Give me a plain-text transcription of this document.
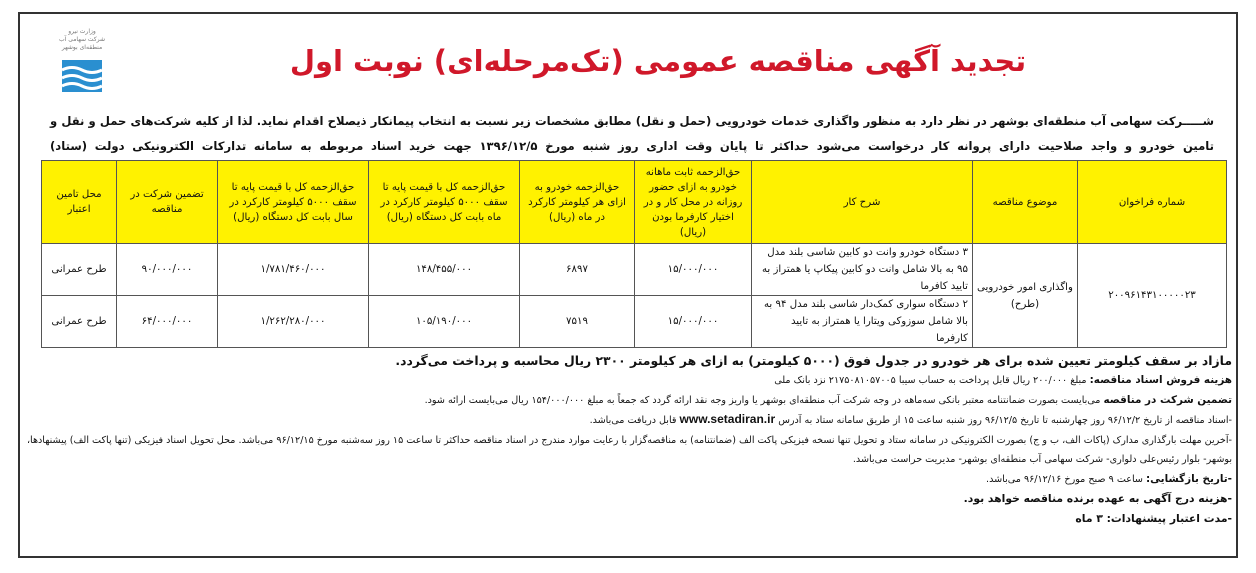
وزارت نیرو
شرکت سهامی آب منطقه‌ای بوشهر	تجدید آگهی مناقصه عمومی (تک‌مرحله‌ای) نوبت اول
شـــــرکت سهامی آب منطقه‌ای بوشهر در نظر دارد به منظور واگذاری خدمات خودرویی (حمل و نقل) مطابق مشخصات زیر نسبت به انتخاب پیمانکار ذیصلاح اقدام نماید. لذا از کلیه شرکت‌های حمل و نقل و تامین خودرو و واجد صلاحیت دارای پروانه کار درخواست می‌شود حداکثر تا پایان وقت اداری روز شنبه مورخ ۱۳۹۶/۱۲/۵ جهت خرید اسناد مربوطه به سامانه تدارکات الکترونیکی دولت (ستاد)
شماره فراخوان	موضوع مناقصه	شرح کار	حق‌الزحمه ثابت ماهانه خودرو به ازای حضور روزانه در محل کار و در اختیار کارفرما بودن (ریال)	حق‌الزحمه خودرو به ازای هر کیلومتر کارکرد در ماه (ریال)	حق‌الزحمه کل با قیمت پایه تا سقف ۵۰۰۰ کیلومتر کارکرد در ماه بابت کل دستگاه (ریال)	حق‌الزحمه کل با قیمت پایه تا سقف ۵۰۰۰ کیلومتر کارکرد در سال بابت کل دستگاه (ریال)	تضمین شرکت در مناقصه	محل تامین اعتبار
۲۰۰۹۶۱۴۳۱۰۰۰۰۰۲۳	واگذاری امور خودرویی (طرح)	۳ دستگاه خودرو وانت دو کابین شاسی بلند مدل ۹۵ به بالا شامل وانت دو کابین پیکاپ یا همتراز به تایید کافرما	۱۵/۰۰۰/۰۰۰	۶۸۹۷	۱۴۸/۴۵۵/۰۰۰	۱/۷۸۱/۴۶۰/۰۰۰	۹۰/۰۰۰/۰۰۰	طرح عمرانی
		۲ دستگاه سواری کمک‌دار شاسی بلند مدل ۹۴ به بالا شامل سوزوکی ویتارا یا همتراز به تایید کارفرما	۱۵/۰۰۰/۰۰۰	۷۵۱۹	۱۰۵/۱۹۰/۰۰۰	۱/۲۶۲/۲۸۰/۰۰۰	۶۴/۰۰۰/۰۰۰	طرح عمرانی
مازاد بر سقف کیلومتر تعیین شده برای هر خودرو در جدول فوق (۵۰۰۰ کیلومتر) به ازای هر کیلومتر ۲۳۰۰ ریال محاسبه و پرداخت می‌گردد.
هزینه فروش اسناد مناقصه: مبلغ ۲۰۰/۰۰۰ ریال قابل پرداخت به حساب سیبا ۲۱۷۵۰۸۱۰۵۷۰۰۵ نزد بانک ملی
تضمین شرکت در مناقصه می‌بایست بصورت ضمانتنامه معتبر بانکی سه‌ماهه در وجه شرکت آب منطقه‌ای بوشهر یا واریز وجه نقد ارائه گردد که جمعاً به مبلغ ۱۵۴/۰۰۰/۰۰۰ ریال می‌بایست ارائه شود.
-اسناد مناقصه از تاریخ ۹۶/۱۲/۲ روز چهارشنبه تا تاریخ ۹۶/۱۲/۵ روز شنبه ساعت ۱۵ از طریق سامانه ستاد به آدرس www.setadiran.ir قابل دریافت می‌باشد.
-آخرین مهلت بارگذاری مدارک (پاکات الف، ب و ج) بصورت الکترونیکی در سامانه ستاد و تحویل تنها نسخه فیزیکی پاکت الف (ضمانتنامه) به مناقصه‌گزار با رعایت موارد مندرج در اسناد مناقصه حداکثر تا ساعت ۱۵ روز سه‌شنبه مورخ ۹۶/۱۲/۱۵ می‌باشد. محل تحویل اسناد فیزیکی (تنها پاکت الف) پیشنهادها،
بوشهر- بلوار رئیس‌علی دلواری- شرکت سهامی آب منطقه‌ای بوشهر- مدیریت حراست می‌باشد.
-تاریخ بازگشایی: ساعت ۹ صبح مورخ ۹۶/۱۲/۱۶ می‌باشد.
-هزینه درج آگهی به عهده برنده مناقصه خواهد بود.
-مدت اعتبار پیشنهادات: ۳ ماه
